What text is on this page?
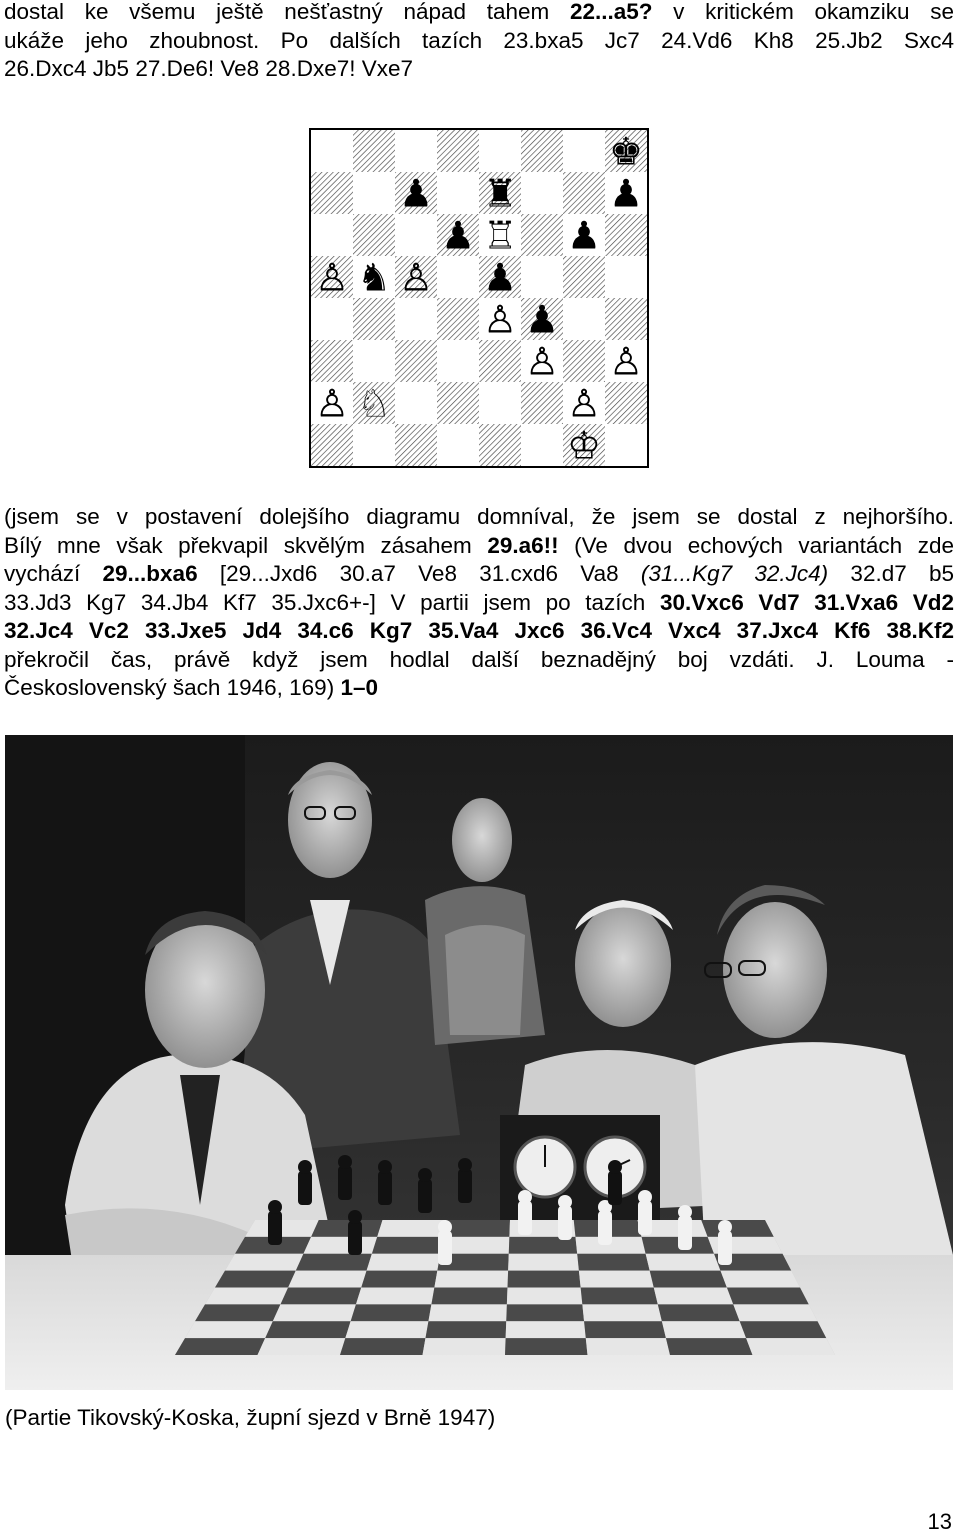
dostal ke všemu ještě nešťastný nápad tahem 22...a5? v kritickém okamziku se
ukáže jeho zhoubnost. Po dalších tazích 23.bxa5 Jc7 24.Vd6 Kh8 25.Jb2 Sxc4
26.Dxc4 Jb5 27.De6! Ve8 28.Dxe7! Vxe7
♚
♟ ♜ ♟
♟ ♖ ♟
♙ ♞ ♙ ♟
♙ ♟
♙ ♙
♙ ♘	♙
♔
(jsem se v postavení dolejšího diagramu domníval, že jsem se dostal z nejhoršího.
Bílý mne však překvapil skvělým zásahem 29.a6!! (Ve dvou echových variantách zde
vychází 29...bxa6 [29...Jxd6 30.a7 Ve8 31.cxd6 Va8 (31...Kg7 32.Jc4) 32.d7 b5
33.Jd3 Kg7 34.Jb4 Kf7 35.Jxc6+-] V partii jsem po tazích 30.Vxc6 Vd7 31.Vxa6 Vd2
32.Jc4 Vc2 33.Jxe5 Jd4 34.c6 Kg7 35.Va4 Jxc6 36.Vc4 Vxc4 37.Jxc4 Kf6 38.Kf2
překročil čas, právě když jsem hodlal další beznadějný boj vzdáti. J. Louma -
Československý šach 1946, 169) 1–0
(Partie Tikovský-Koska, župní sjezd v Brně 1947)
13
